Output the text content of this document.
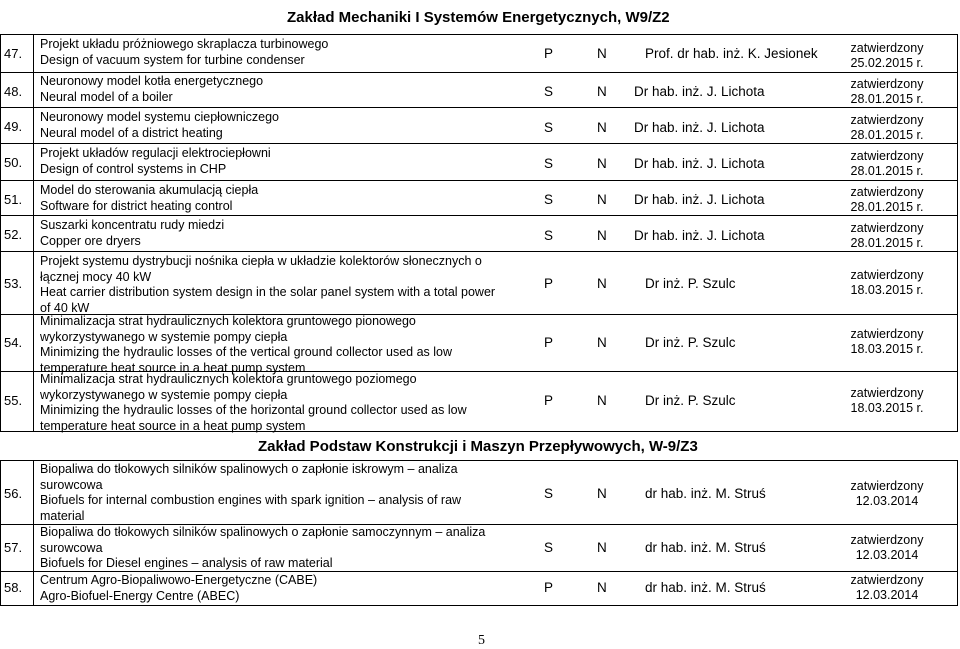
Zakład Mechaniki I Systemów Energetycznych, W9/Z2
Zakład Podstaw Konstrukcji i Maszyn Przepływowych, W-9/Z3
47.
Projekt układu próżniowego skraplacza turbinowego
Design of vacuum system for turbine condenser	P	N	Prof. dr hab. inż. K. Jesionek	zatwierdzony 25.02.2015 r.
48.
Neuronowy model kotła energetycznego
Neural model of a boiler	S	N Dr hab. inż. J. Lichota	zatwierdzony 28.01.2015 r.
49.
Neuronowy model systemu ciepłowniczego
Neural model of a district heating	S	N Dr hab. inż. J. Lichota	zatwierdzony 28.01.2015 r.
50.
Projekt układów regulacji elektrociepłowni
Design of control systems in CHP	S	N Dr hab. inż. J. Lichota	zatwierdzony 28.01.2015 r.
51.
Model do sterowania akumulacją ciepła
Software for district heating control	S	N Dr hab. inż. J. Lichota	zatwierdzony 28.01.2015 r.
52.
Suszarki koncentratu rudy miedzi
Copper ore dryers	S	N Dr hab. inż. J. Lichota	zatwierdzony 28.01.2015 r.
53.
Projekt systemu dystrybucji nośnika ciepła w układzie kolektorów słonecznych o
łącznej mocy 40 kW
Heat carrier distribution system design in the solar panel system with a total power
of 40 kW
P	N	Dr inż. P. Szulc
zatwierdzony 18.03.2015 r.
54.
Minimalizacja strat hydraulicznych kolektora gruntowego pionowego
wykorzystywanego w systemie pompy ciepła
Minimizing the hydraulic losses of the vertical ground collector used as low
temperature heat source in a heat pump system
P	N	Dr inż. P. Szulc
zatwierdzony 18.03.2015 r.
55.
Minimalizacja strat hydraulicznych kolektora gruntowego poziomego
wykorzystywanego w systemie pompy ciepła
Minimizing the hydraulic losses of the horizontal ground collector used as low
temperature heat source in a heat pump system
P	N	Dr inż. P. Szulc	zatwierdzony 18.03.2015 r.
56.
Biopaliwa do tłokowych silników spalinowych o zapłonie iskrowym – analiza
surowcowa
Biofuels for internal combustion engines with spark ignition – analysis of raw
material
S	N	dr hab. inż. M. Struś	zatwierdzony 12.03.2014
57.
Biopaliwa do tłokowych silników spalinowych o zapłonie samoczynnym – analiza
surowcowa
Biofuels for Diesel engines – analysis of raw material
S	N	dr hab. inż. M. Struś	zatwierdzony 12.03.2014
58.	Centrum Agro-Biopaliwowo-Energetyczne (CABE)
Agro-Biofuel-Energy Centre (ABEC)
P	N	dr hab. inż. M. Struś	zatwierdzony 12.03.2014
5
